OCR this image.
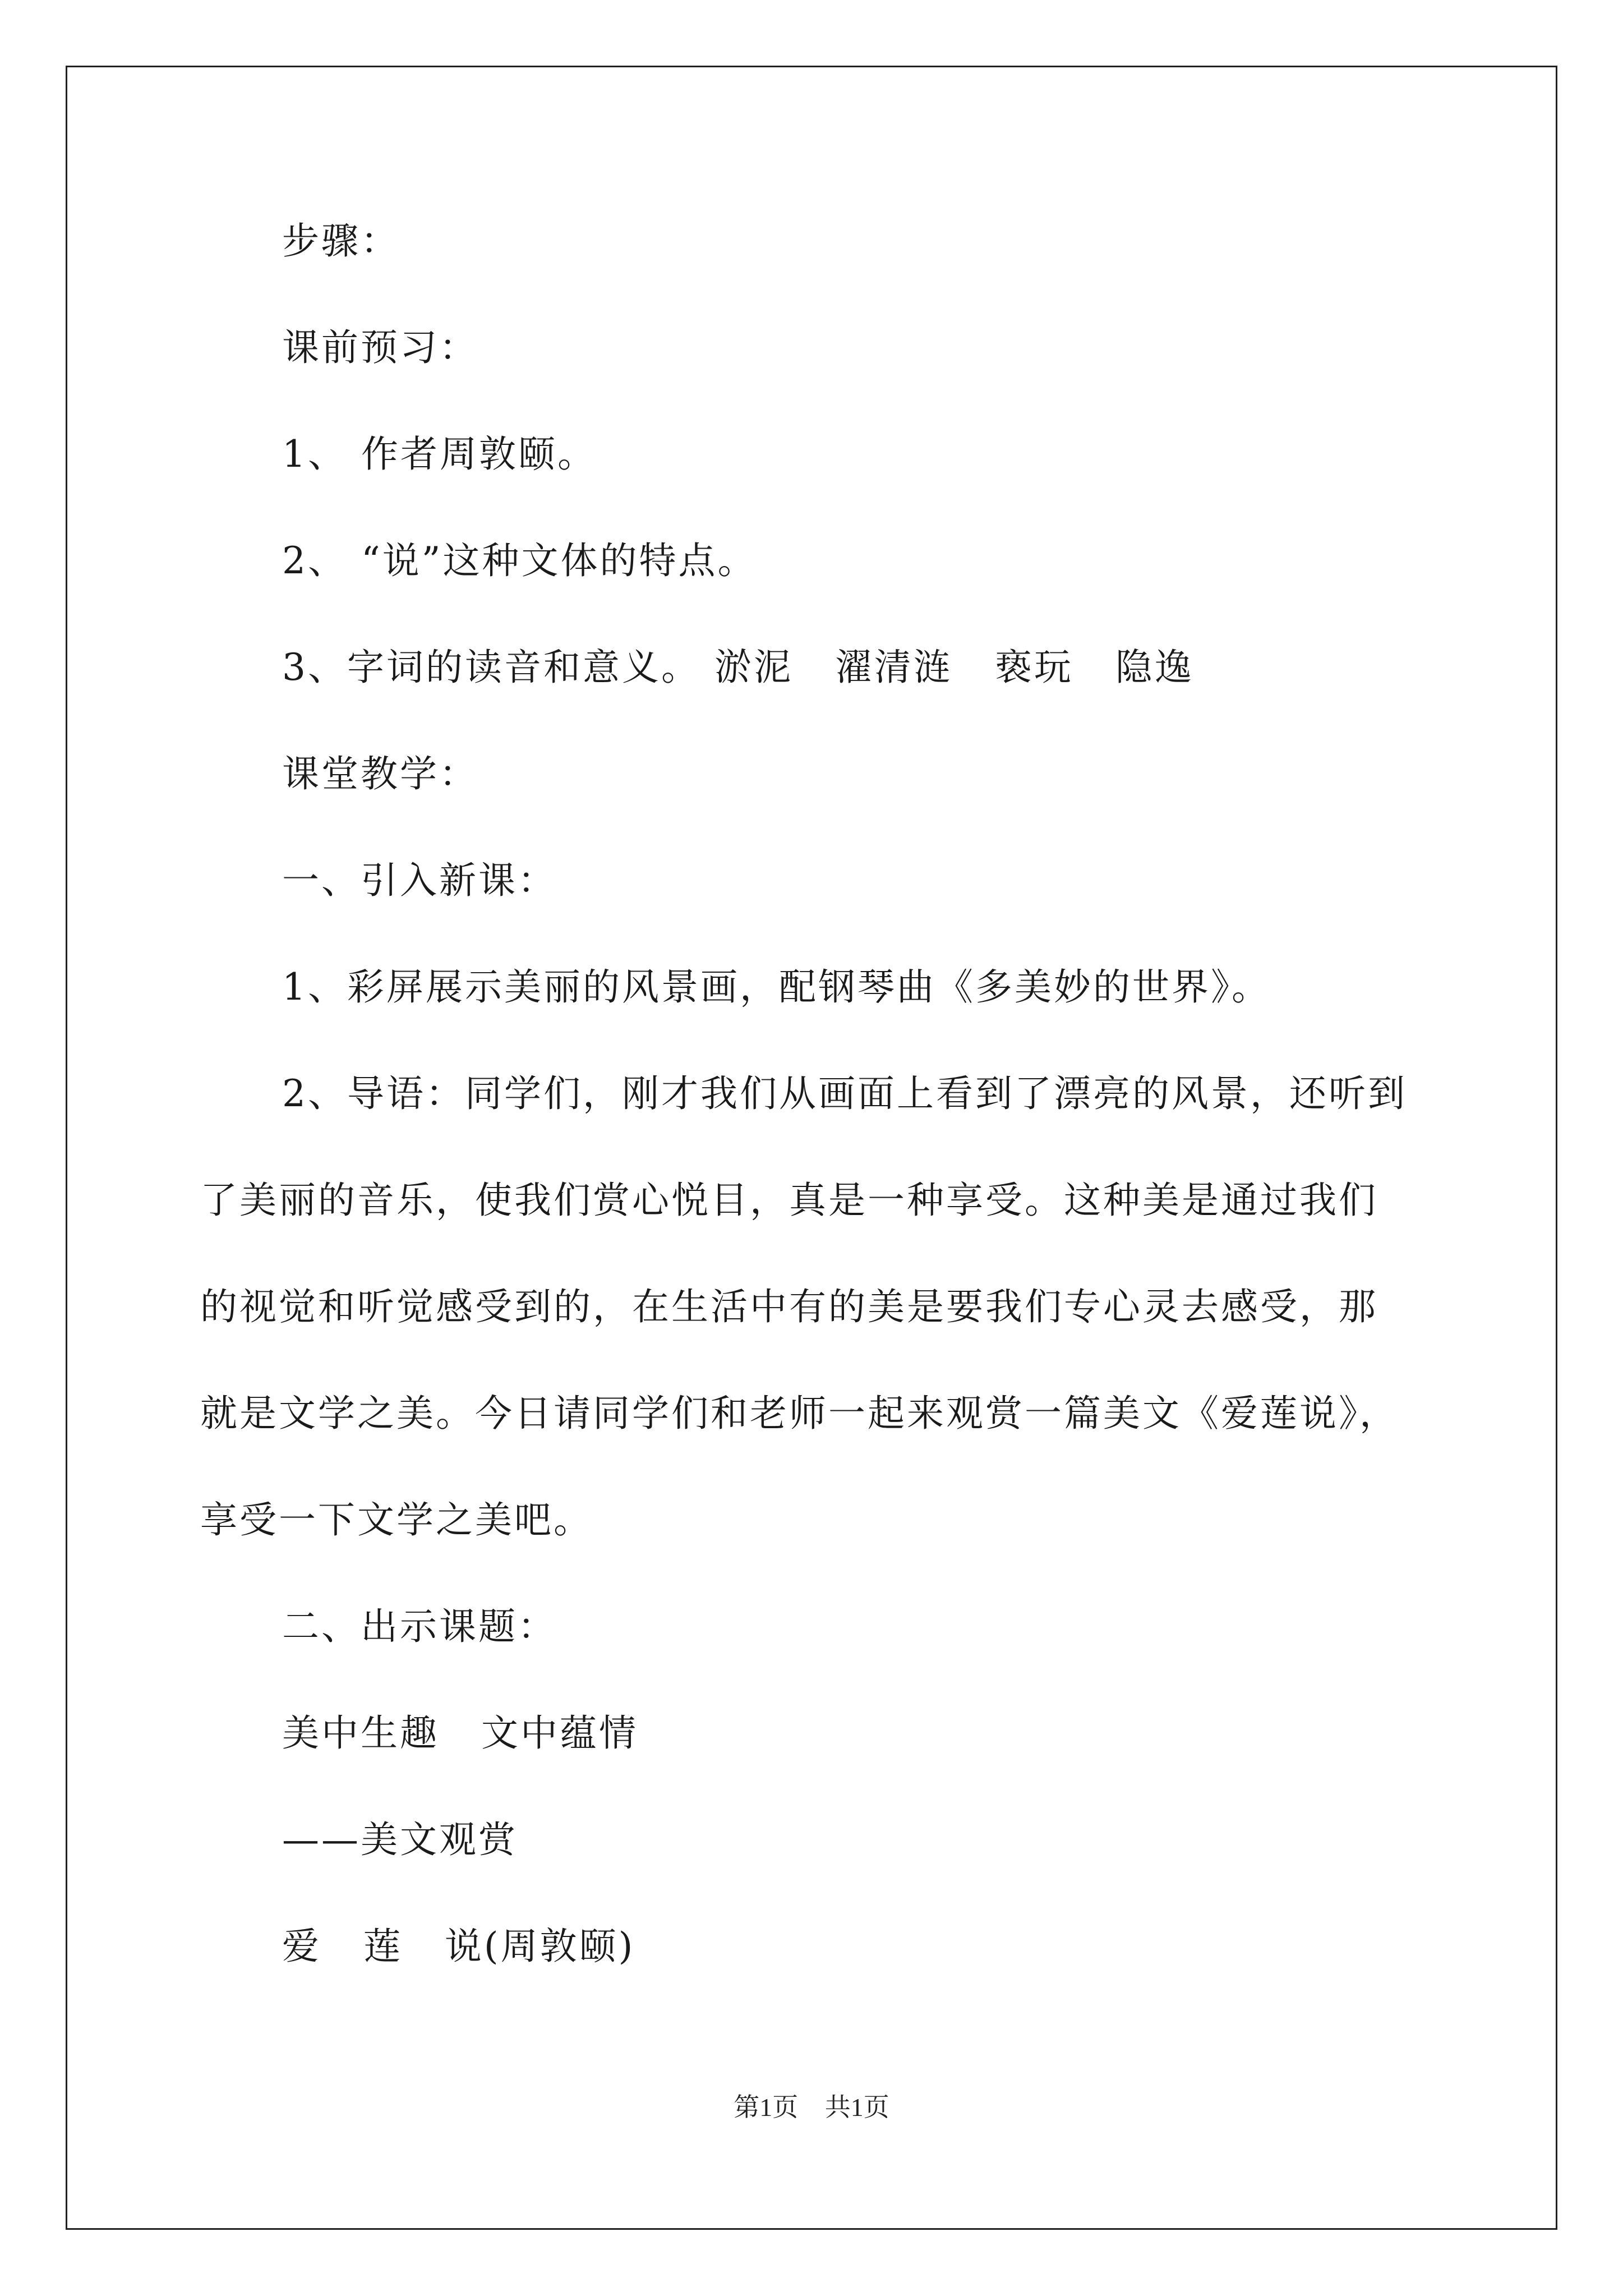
步骤：
课前预习：
1、 作者周敦颐。
2、 “说”这种文体的特点。
3、字词的读音和意义。 淤泥   濯清涟   亵玩   隐逸
课堂教学：
一、引入新课：
1、彩屏展示美丽的风景画，配钢琴曲《多美妙的世界》。
2、导语：同学们，刚才我们从画面上看到了漂亮的风景，还听到
了美丽的音乐，使我们赏心悦目，真是一种享受。这种美是通过我们
的视觉和听觉感受到的，在生活中有的美是要我们专心灵去感受，那
就是文学之美。今日请同学们和老师一起来观赏一篇美文《爱莲说》，
享受一下文学之美吧。
二、出示课题：
美中生趣   文中蕴情
——美文观赏
爱   莲   说(周敦颐)
第1页 共1页
